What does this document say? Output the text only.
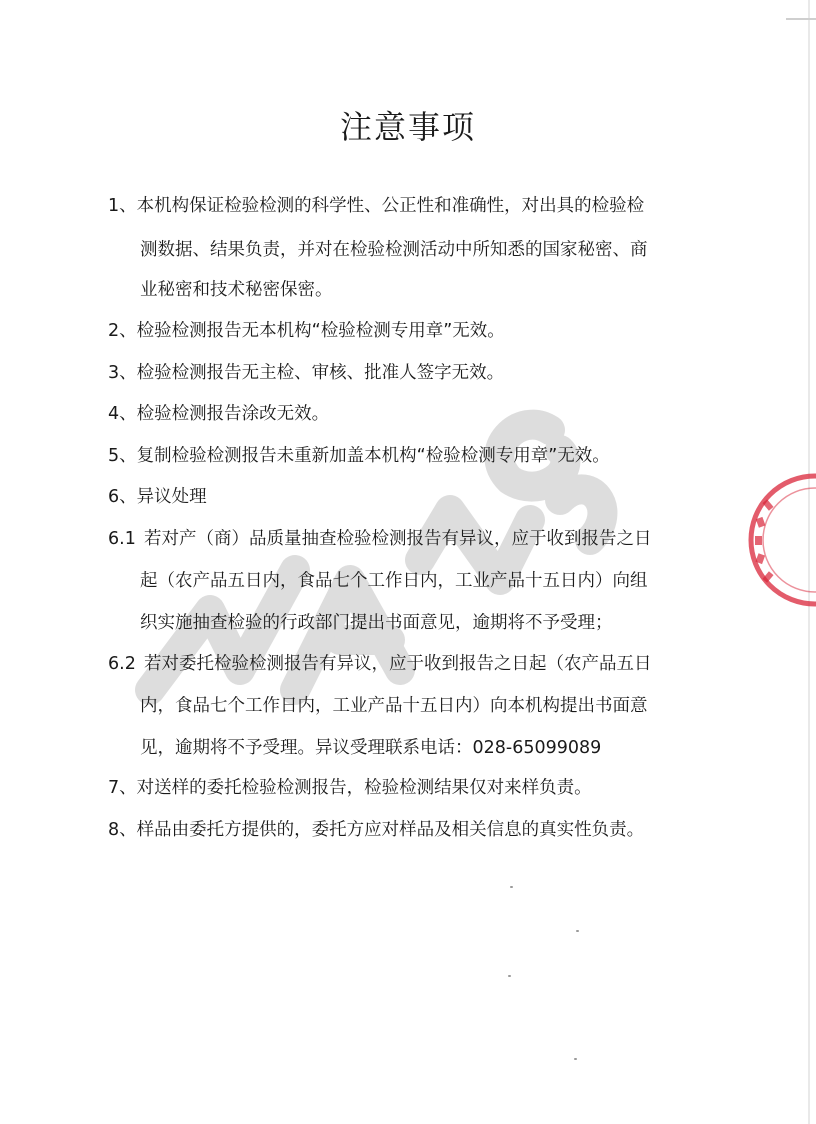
注意事项
1、本机构保证检验检测的科学性、公正性和准确性，对出具的检验检
测数据、结果负责，并对在检验检测活动中所知悉的国家秘密、商
业秘密和技术秘密保密。
2、检验检测报告无本机构“检验检测专用章”无效。
3、检验检测报告无主检、审核、批准人签字无效。
4、检验检测报告涂改无效。
5、复制检验检测报告未重新加盖本机构“检验检测专用章”无效。
6、异议处理
6.1 若对产（商）品质量抽查检验检测报告有异议，应于收到报告之日
起（农产品五日内，食品七个工作日内，工业产品十五日内）向组
织实施抽查检验的行政部门提出书面意见，逾期将不予受理；
6.2 若对委托检验检测报告有异议，应于收到报告之日起（农产品五日
内，食品七个工作日内，工业产品十五日内）向本机构提出书面意
见，逾期将不予受理。异议受理联系电话：028-65099089
7、对送样的委托检验检测报告，检验检测结果仅对来样负责。
8、样品由委托方提供的，委托方应对样品及相关信息的真实性负责。
